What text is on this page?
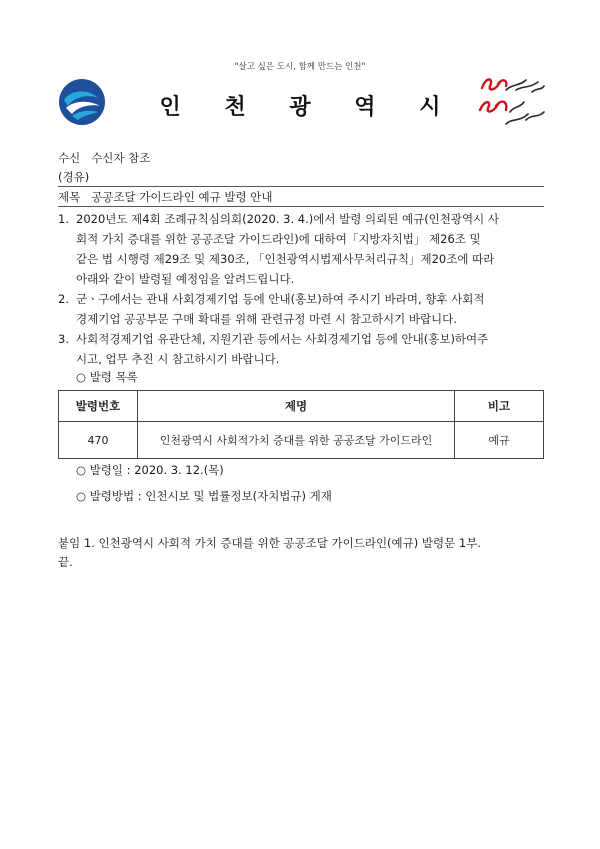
"살고 싶은 도시, 함께 만드는 인천"
인 천 광 역 시
수신 수신자 참조
(경유)
제목 공공조달 가이드라인 예규 발령 안내
1. 2020년도 제4회 조례규칙심의회(2020. 3. 4.)에서 발령 의뢰된 예규(인천광역시 사
회적 가치 증대를 위한 공공조달 가이드라인)에 대하여「지방자치법」 제26조 및
같은 법 시행령 제29조 및 제30조, 「인천광역시법제사무처리규칙」제20조에 따라
아래와 같이 발령될 예정임을 알려드립니다.
2. 군ㆍ구에서는 관내 사회경제기업 등에 안내(홍보)하여 주시기 바라며, 향후 사회적
경제기업 공공부문 구매 확대를 위해 관련규정 마련 시 참고하시기 바랍니다.
3. 사회적경제기업 유관단체, 지원기관 등에서는 사회경제기업 등에 안내(홍보)하여주
시고, 업무 추진 시 참고하시기 바랍니다.
○ 발령 목록
발령번호	제명	비고
470	인천광역시 사회적가치 증대를 위한 공공조달 가이드라인	예규
○ 발령일 : 2020. 3. 12.(목)
○ 발령방법 : 인천시보 및 법률정보(자치법규) 게재
붙임 1. 인천광역시 사회적 가치 증대를 위한 공공조달 가이드라인(예규) 발령문 1부.
끝.
